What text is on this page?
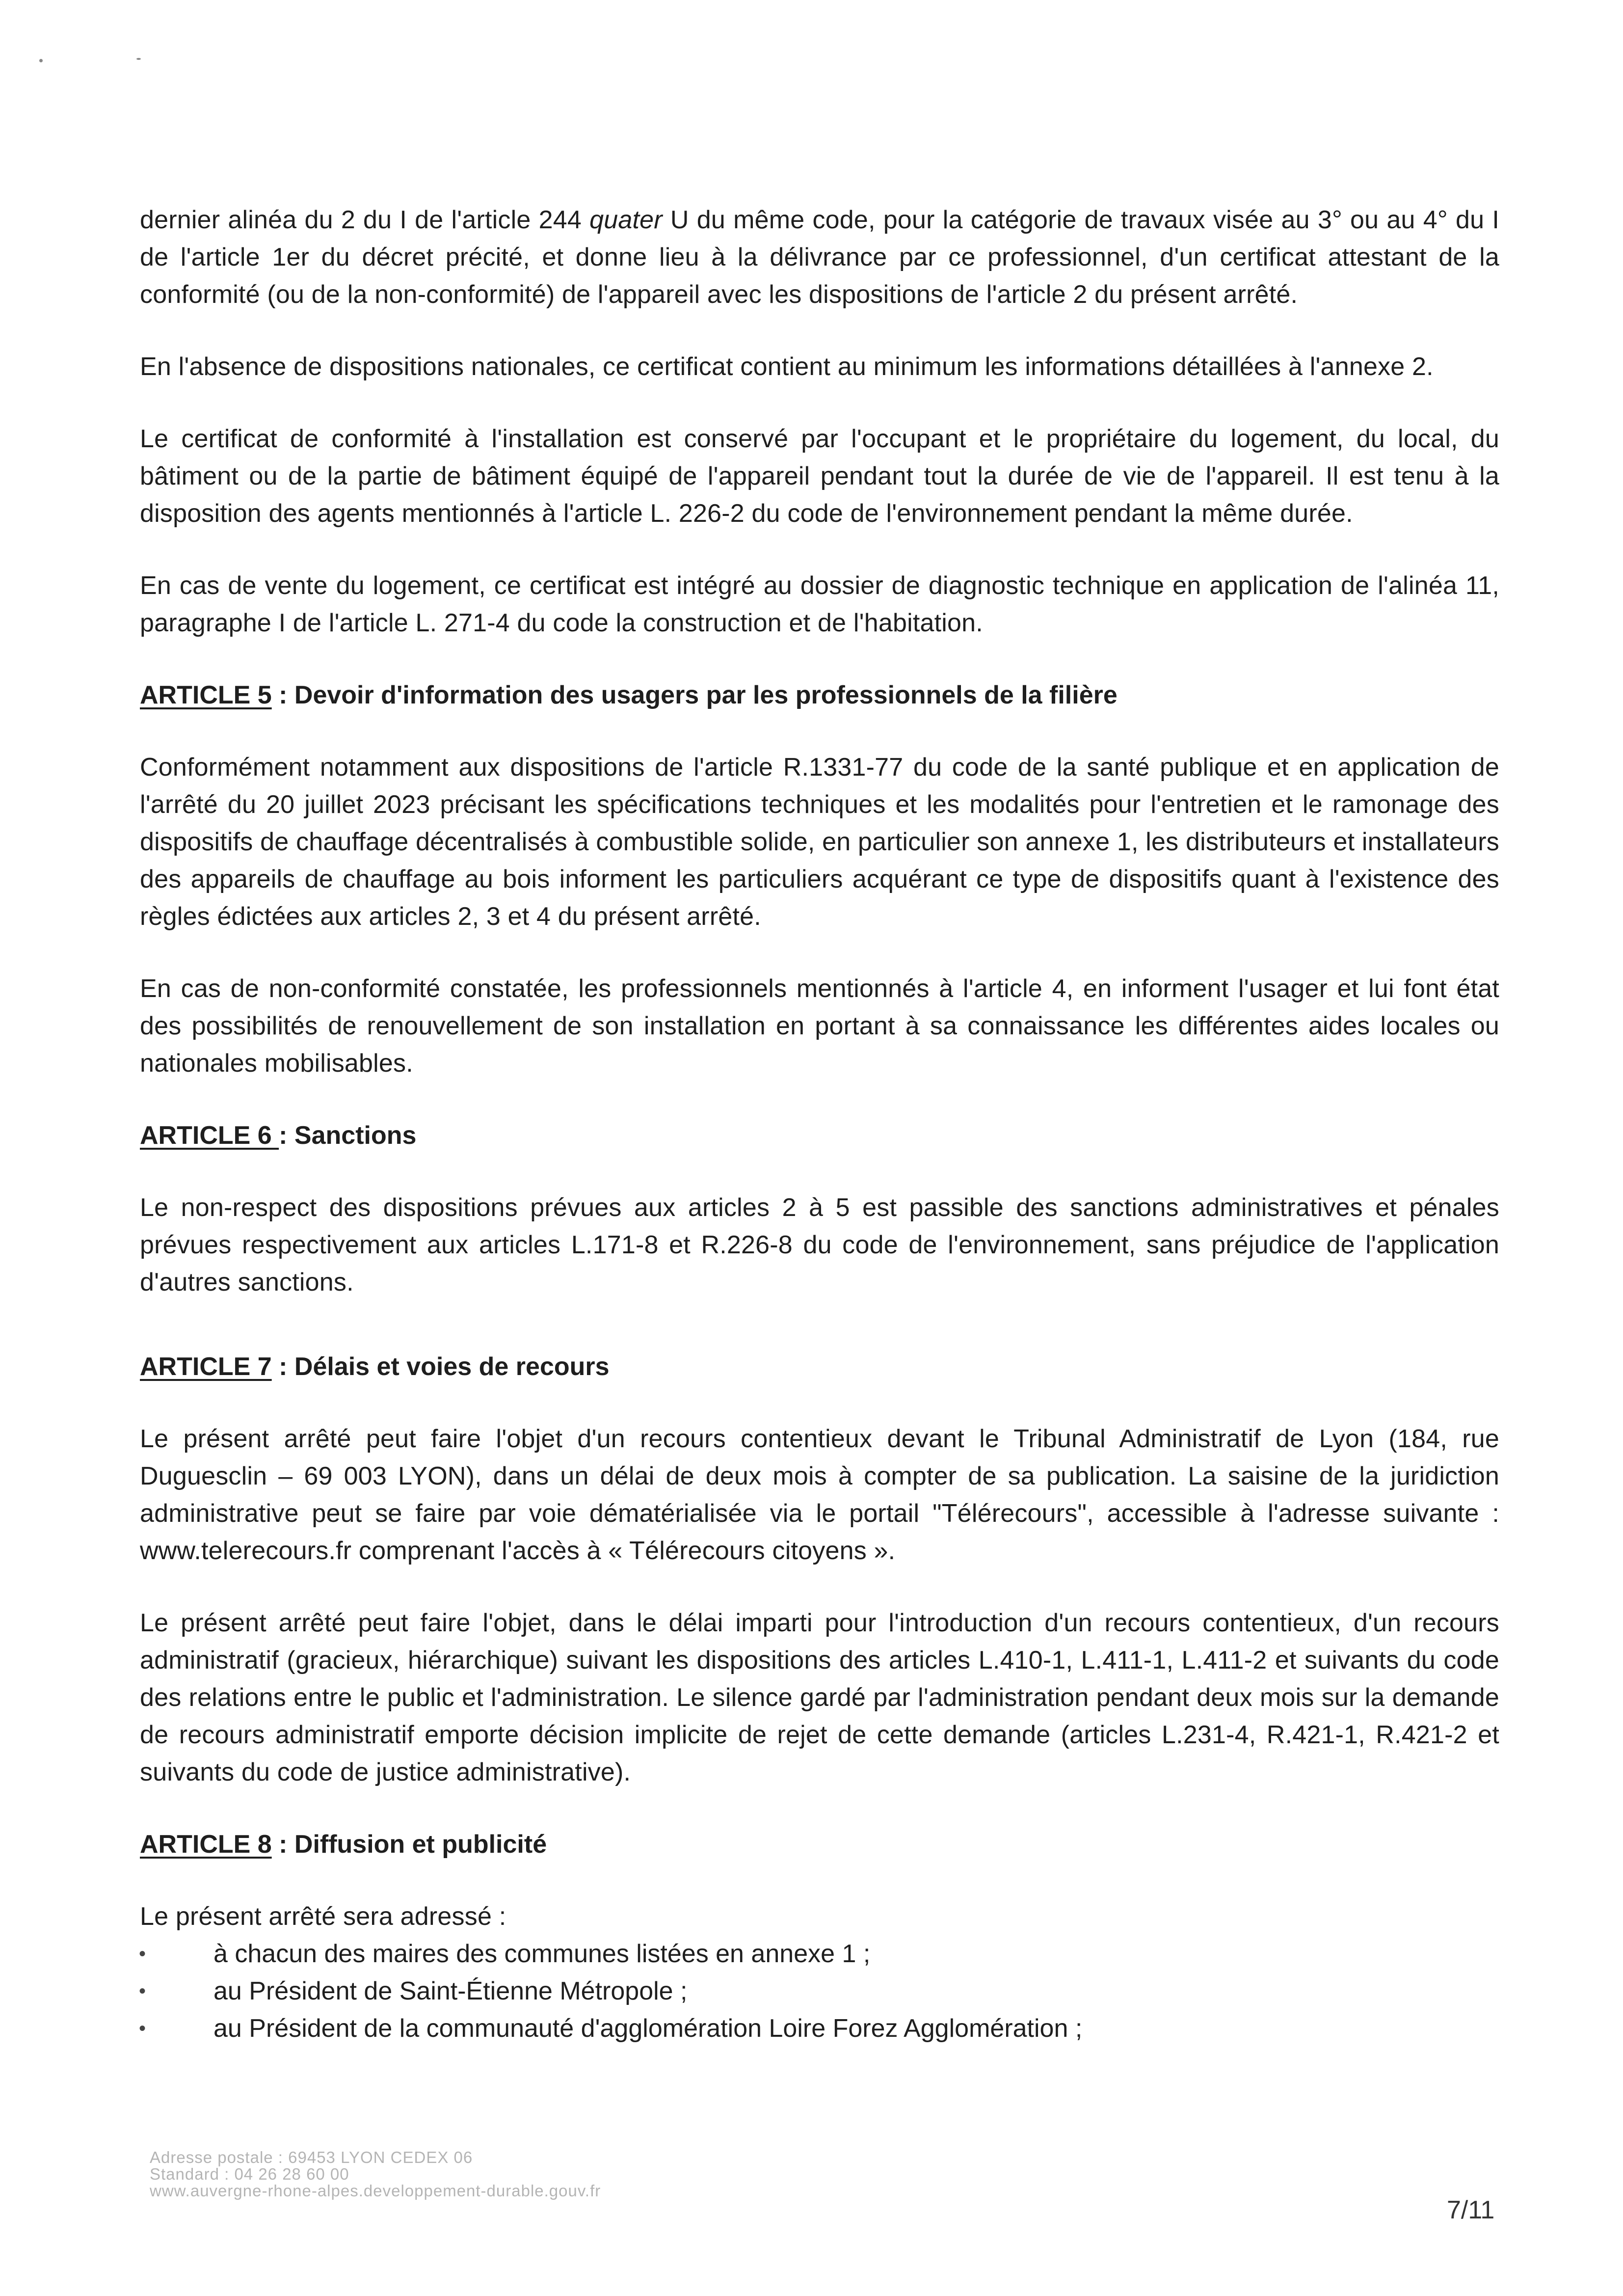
dernier alinéa du 2 du I de l'article 244 quater U du même code, pour la catégorie de travaux visée au 3° ou au 4° du I de l'article 1er du décret précité, et donne lieu à la délivrance par ce professionnel, d'un certificat attestant de la conformité (ou de la non-conformité) de l'appareil avec les dispositions de l'article 2 du présent arrêté.

En l'absence de dispositions nationales, ce certificat contient au minimum les informations détaillées à l'annexe 2.

Le certificat de conformité à l'installation est conservé par l'occupant et le propriétaire du logement, du local, du bâtiment ou de la partie de bâtiment équipé de l'appareil pendant tout la durée de vie de l'appareil. Il est tenu à la disposition des agents mentionnés à l'article L. 226-2 du code de l'environnement pendant la même durée.

En cas de vente du logement, ce certificat est intégré au dossier de diagnostic technique en application de l'alinéa 11, paragraphe I de l'article L. 271-4 du code la construction et de l'habitation.

ARTICLE 5 : Devoir d'information des usagers par les professionnels de la filière

Conformément notamment aux dispositions de l'article R.1331-77 du code de la santé publique et en application de l'arrêté du 20 juillet 2023 précisant les spécifications techniques et les modalités pour l'entretien et le ramonage des dispositifs de chauffage décentralisés à combustible solide, en particulier son annexe 1, les distributeurs et installateurs des appareils de chauffage au bois informent les particuliers acquérant ce type de dispositifs quant à l'existence des règles édictées aux articles 2, 3 et 4 du présent arrêté.

En cas de non-conformité constatée, les professionnels mentionnés à l'article 4, en informent l'usager et lui font état des possibilités de renouvellement de son installation en portant à sa connaissance les différentes aides locales ou nationales mobilisables.

ARTICLE 6 : Sanctions

Le non-respect des dispositions prévues aux articles 2 à 5 est passible des sanctions administratives et pénales prévues respectivement aux articles L.171-8 et R.226-8 du code de l'environnement, sans préjudice de l'application d'autres sanctions.

ARTICLE 7 : Délais et voies de recours

Le présent arrêté peut faire l'objet d'un recours contentieux devant le Tribunal Administratif de Lyon (184, rue Duguesclin – 69 003 LYON), dans un délai de deux mois à compter de sa publication. La saisine de la juridiction administrative peut se faire par voie dématérialisée via le portail "Télérecours", accessible à l'adresse suivante : www.telerecours.fr comprenant l'accès à « Télérecours citoyens ».

Le présent arrêté peut faire l'objet, dans le délai imparti pour l'introduction d'un recours contentieux, d'un recours administratif (gracieux, hiérarchique) suivant les dispositions des articles L.410-1, L.411-1, L.411-2 et suivants du code des relations entre le public et l'administration. Le silence gardé par l'administration pendant deux mois sur la demande de recours administratif emporte décision implicite de rejet de cette demande (articles L.231-4, R.421-1, R.421-2 et suivants du code de justice administrative).

ARTICLE 8 : Diffusion et publicité

Le présent arrêté sera adressé :

•	à chacun des maires des communes listées en annexe 1 ;
•	au Président de Saint-Étienne Métropole ;
•	au Président de la communauté d'agglomération Loire Forez Agglomération ;
Adresse postale : 69453 LYON CEDEX 06
Standard : 04 26 28 60 00
www.auvergne-rhone-alpes.developpement-durable.gouv.fr
7/11
